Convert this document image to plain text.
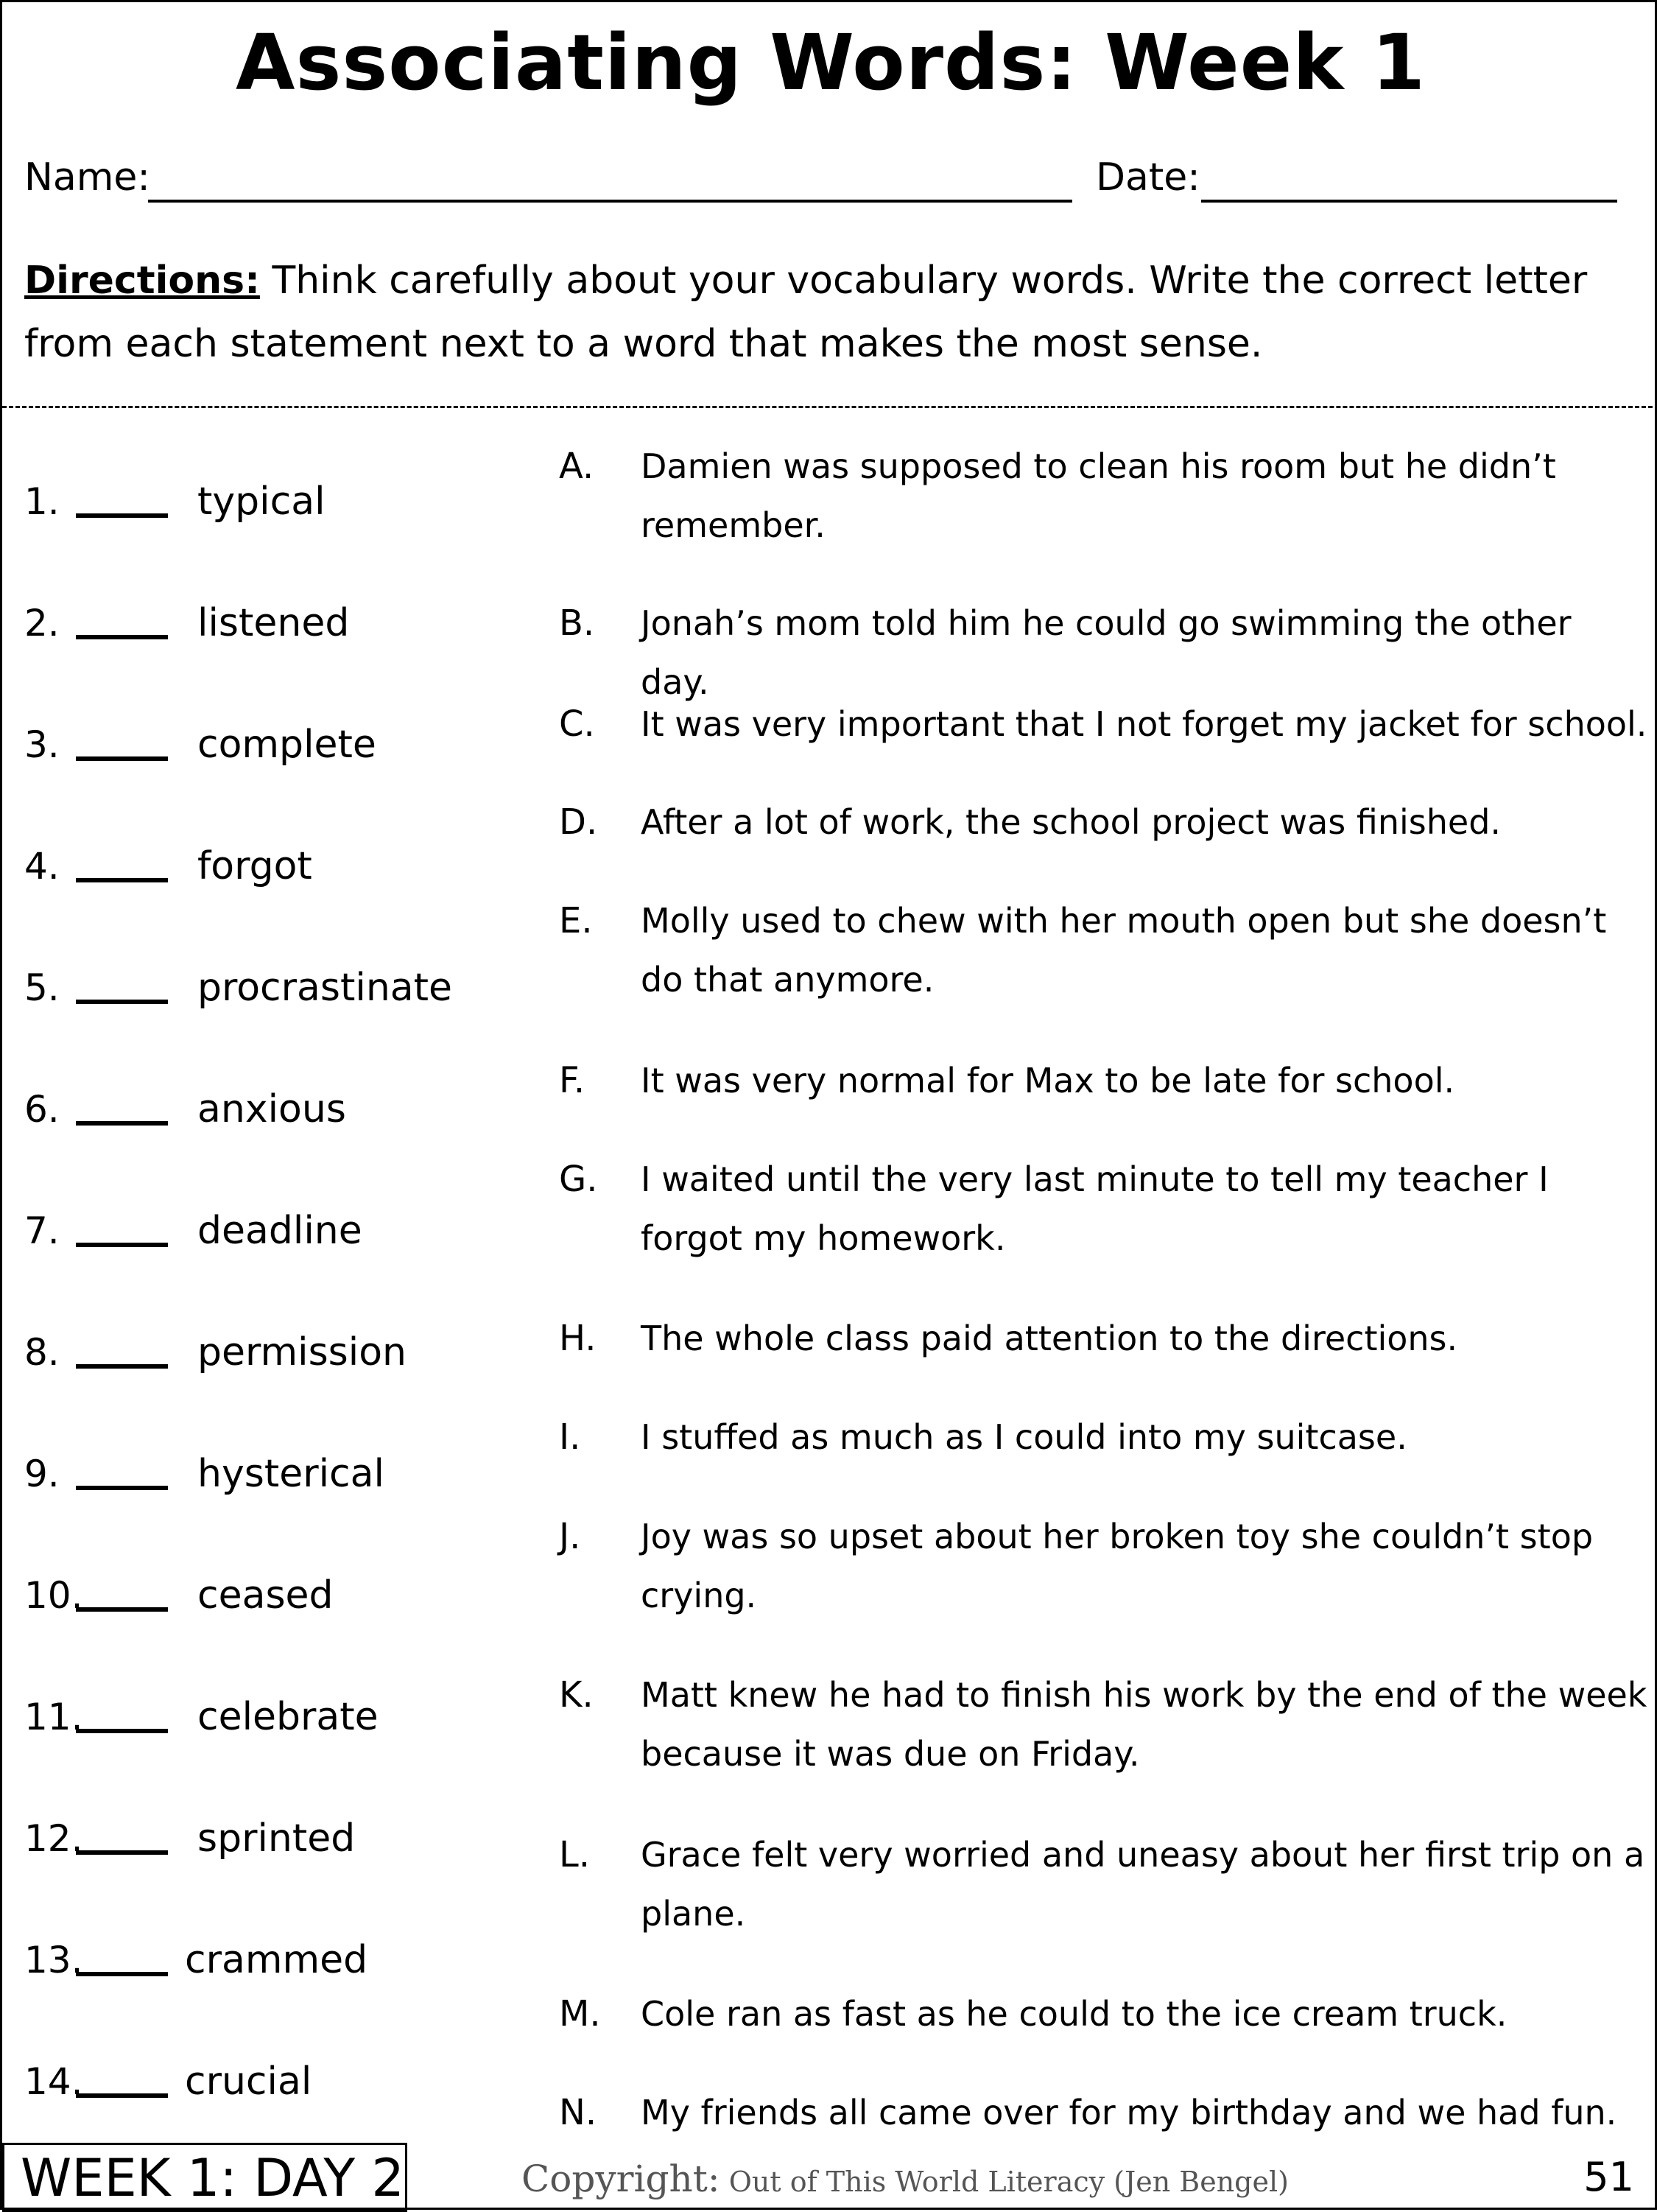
Associating Words: Week 1
Name:	Date:
Directions: Think carefully about your vocabulary words. Write the correct letter from each statement next to a word that makes the most sense.
1.	typical
2.	listened
3.	complete
4.	forgot
5.	procrastinate
6.	anxious
7.	deadline
8.	permission
9.	hysterical
10.	ceased
11.	celebrate
12.	sprinted
13.	crammed
14.	crucial
A. Damien was supposed to clean his room but he didn’t remember.
B. Jonah’s mom told him he could go swimming the other day.
C. It was very important that I not forget my jacket for school.
D. After a lot of work, the school project was finished.
E. Molly used to chew with her mouth open but she doesn’t do that anymore.
F. It was very normal for Max to be late for school.
G. I waited until the very last minute to tell my teacher I forgot my homework.
H. The whole class paid attention to the directions.
I. I stuffed as much as I could into my suitcase.
J. Joy was so upset about her broken toy she couldn’t stop crying.
K. Matt knew he had to finish his work by the end of the week because it was due on Friday.
L. Grace felt very worried and uneasy about her first trip on a plane.
M. Cole ran as fast as he could to the ice cream truck.
N. My friends all came over for my birthday and we had fun.
WEEK 1: DAY 2	Copyright: Out of This World Literacy (Jen Bengel)	51
